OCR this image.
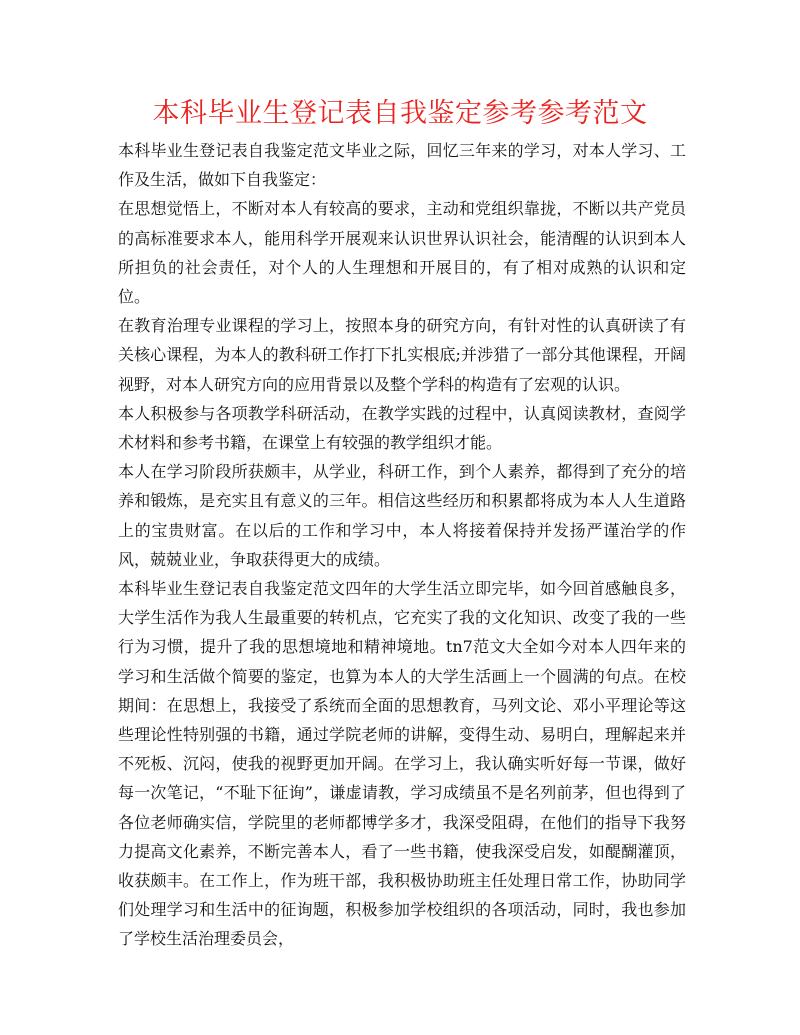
本科毕业生登记表自我鉴定参考参考范文

本科毕业生登记表自我鉴定范文毕业之际，回忆三年来的学习，对本人学习、工作及生活，做如下自我鉴定：

在思想觉悟上，不断对本人有较高的要求，主动和党组织靠拢，不断以共产党员的高标准要求本人，能用科学开展观来认识世界认识社会，能清醒的认识到本人所担负的社会责任，对个人的人生理想和开展目的，有了相对成熟的认识和定位。

在教育治理专业课程的学习上，按照本身的研究方向，有针对性的认真研读了有关核心课程，为本人的教科研工作打下扎实根底;并涉猎了一部分其他课程，开阔视野，对本人研究方向的应用背景以及整个学科的构造有了宏观的认识。

本人积极参与各项教学科研活动，在教学实践的过程中，认真阅读教材，查阅学术材料和参考书籍，在课堂上有较强的教学组织才能。

本人在学习阶段所获颇丰，从学业，科研工作，到个人素养，都得到了充分的培养和锻炼，是充实且有意义的三年。相信这些经历和积累都将成为本人人生道路上的宝贵财富。在以后的工作和学习中，本人将接着保持并发扬严谨治学的作风，兢兢业业，争取获得更大的成绩。

本科毕业生登记表自我鉴定范文四年的大学生活立即完毕，如今回首感触良多，大学生活作为我人生最重要的转机点，它充实了我的文化知识、改变了我的一些行为习惯，提升了我的思想境地和精神境地。tn7范文大全如今对本人四年来的学习和生活做个简要的鉴定，也算为本人的大学生活画上一个圆满的句点。在校期间：在思想上，我接受了系统而全面的思想教育，马列文论、邓小平理论等这些理论性特别强的书籍，通过学院老师的讲解，变得生动、易明白，理解起来并不死板、沉闷，使我的视野更加开阔。在学习上，我认确实听好每一节课，做好每一次笔记，“不耻下征询”，谦虚请教，学习成绩虽不是名列前茅，但也得到了各位老师确实信，学院里的老师都博学多才，我深受阻碍，在他们的指导下我努力提高文化素养，不断完善本人，看了一些书籍，使我深受启发，如醍醐灌顶，收获颇丰。在工作上，作为班干部，我积极协助班主任处理日常工作，协助同学们处理学习和生活中的征询题，积极参加学校组织的各项活动，同时，我也参加了学校生活治理委员会，
